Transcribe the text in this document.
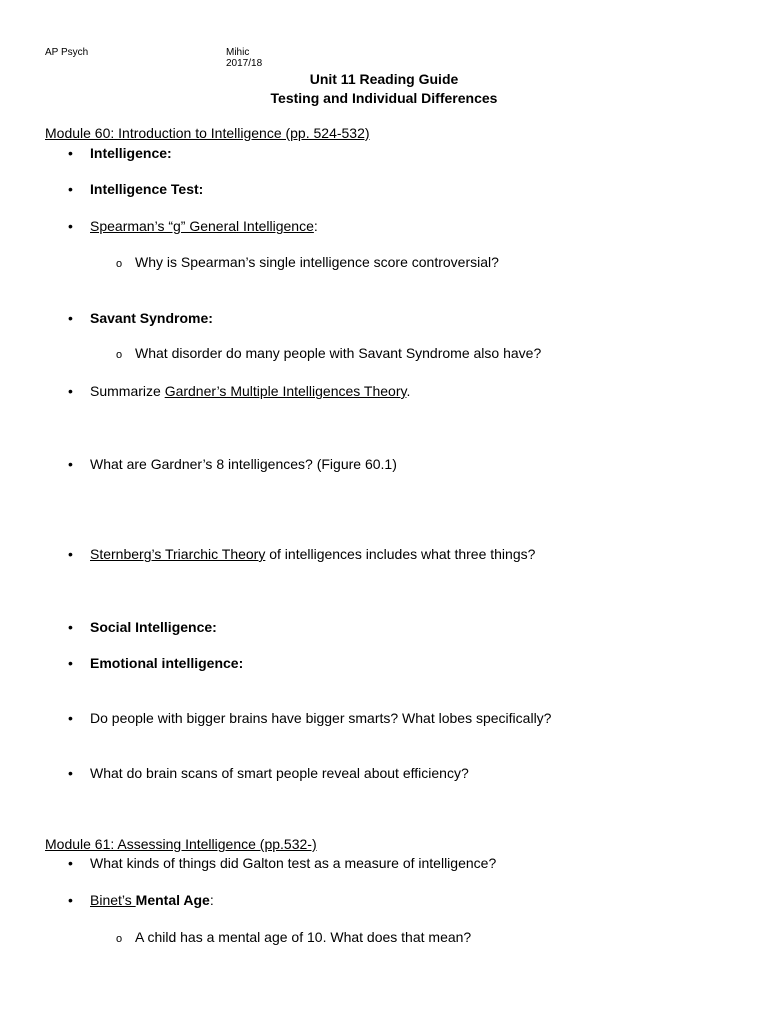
AP Psych	Mihic
2017/18
Unit 11 Reading Guide
Testing and Individual Differences
Module 60: Introduction to Intelligence (pp. 524-532)
• Intelligence:
• Intelligence Test:
• Spearman’s “g” General Intelligence:
o Why is Spearman’s single intelligence score controversial?
• Savant Syndrome:
o What disorder do many people with Savant Syndrome also have?
• Summarize Gardner’s Multiple Intelligences Theory.
• What are Gardner’s 8 intelligences? (Figure 60.1)
• Sternberg’s Triarchic Theory of intelligences includes what three things?
• Social Intelligence:
• Emotional intelligence:
• Do people with bigger brains have bigger smarts? What lobes specifically?
• What do brain scans of smart people reveal about efficiency?
Module 61: Assessing Intelligence (pp.532-)
• What kinds of things did Galton test as a measure of intelligence?
• Binet’s Mental Age:
o A child has a mental age of 10. What does that mean?
